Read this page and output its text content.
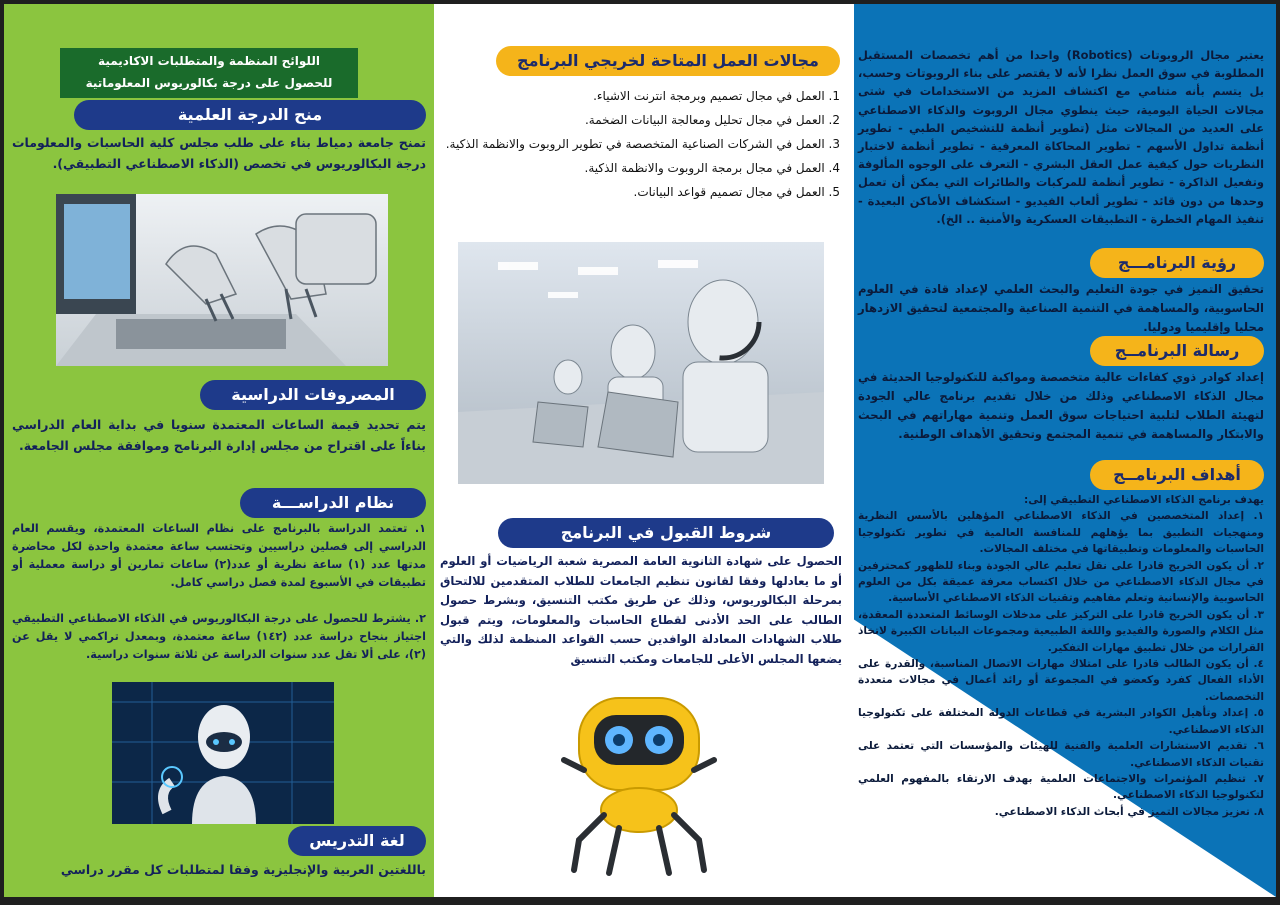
اللوائح المنظمة والمتطلبات الاكاديمية
للحصول على درجة بكالوريوس المعلوماتية
منح الدرجة العلمية
تمنح جامعة دمياط بناء على طلب مجلس كلية الحاسبات والمعلومات درجة البكالوريوس في تخصص (الذكاء الاصطناعي التطبيقي).
المصروفات الدراسية
يتم تحديد قيمة الساعات المعتمدة سنويا في بداية العام الدراسي بناءاً على اقتراح من مجلس إدارة البرنامج وموافقة مجلس الجامعة.
نظام الدراســـة
١. تعتمد الدراسة بالبرنامج على نظام الساعات المعتمدة، ويقسم العام الدراسي إلى فصلين دراسيين وتحتسب ساعة معتمدة واحدة لكل محاضرة مدتها عدد (١) ساعة نظرية أو عدد(٢) ساعات تمارين أو دراسة معملية أو تطبيقات في الأسبوع لمدة فصل دراسي كامل.
٢. يشترط للحصول على درجة البكالوريوس في الذكاء الاصطناعي التطبيقي اجتياز بنجاح دراسة عدد (١٤٢) ساعة معتمدة، وبمعدل تراكمي لا يقل عن (٢)، على ألا تقل عدد سنوات الدراسة عن ثلاثة سنوات دراسية.
لغة التدريس
باللغتين العربية والإنجليزية وفقا لمتطلبات كل مقرر دراسي
مجالات العمل المتاحة لخريجي البرنامج
1. العمل في مجال تصميم وبرمجة انترنت الاشياء.
2. العمل في مجال تحليل ومعالجة البيانات الضخمة.
3. العمل في الشركات الصناعية المتخصصة في تطوير الروبوت والانظمة الذكية.
4. العمل في مجال برمجة الروبوت والانظمة الذكية.
5. العمل في مجال تصميم قواعد البيانات.
شروط القبول في البرنامج
الحصول على شهادة الثانوية العامة المصرية شعبة الرياضيات أو العلوم أو ما يعادلها وفقا لقانون تنظيم الجامعات للطلاب المتقدمين للالتحاق بمرحلة البكالوريوس، وذلك عن طريق مكتب التنسيق، وبشرط حصول الطالب على الحد الأدنى لقطاع الحاسبات والمعلومات، ويتم قبول طلاب الشهادات المعادلة الوافدين حسب القواعد المنظمة لذلك والتي يضعها المجلس الأعلى للجامعات ومكتب التنسيق
يعتبر مجال الروبوتات (Robotics) واحدا من أهم تخصصات المستقبل المطلوبة في سوق العمل نظرا لأنه لا يقتصر على بناء الروبوتات وحسب، بل يتسم بأنه متنامي مع اكتشاف المزيد من الاستخدامات في شتى مجالات الحياة اليومية، حيث ينطوي مجال الروبوت والذكاء الاصطناعي على العديد من المجالات مثل (تطوير أنظمة للتشخيص الطبي - تطوير أنظمة تداول الأسهم - تطوير المحاكاة المعرفية - تطوير أنظمة لاختبار النظريات حول كيفية عمل العقل البشري - التعرف على الوجوه المألوفة وتفعيل الذاكرة - تطوير أنظمة للمركبات والطائرات التي يمكن أن تعمل وحدها من دون قائد - تطوير ألعاب الفيديو - استكشاف الأماكن البعيدة - تنفيذ المهام الخطرة - التطبيقات العسكرية والأمنية .. الخ).
رؤية البرنامـــج
تحقيق التميز في جودة التعليم والبحث العلمي لإعداد قادة في العلوم الحاسوبية، والمساهمة في التنمية الصناعية والمجتمعية لتحقيق الازدهار محليا وإقليميا ودوليا.
رسالة البرنامــج
إعداد كوادر ذوي كفاءات عالية متخصصة ومواكبة للتكنولوجيا الحديثة في مجال الذكاء الاصطناعي وذلك من خلال تقديم برنامج عالي الجودة لتهيئة الطلاب لتلبية احتياجات سوق العمل وتنمية مهاراتهم في البحث والابتكار والمساهمة في تنمية المجتمع وتحقيق الأهداف الوطنية.
أهداف البرنامــج
يهدف برنامج الذكاء الاصطناعي التطبيقي إلى:
١. إعداد المتخصصين في الذكاء الاصطناعي المؤهلين بالأسس النظرية ومنهجيات التطبيق بما يؤهلهم للمنافسة العالمية في تطوير تكنولوجيا الحاسبات والمعلومات وتطبيقاتها في مختلف المجالات.
٢. أن يكون الخريج قادرا على نقل تعليم عالي الجودة وبناء للظهور كمحترفين في مجال الذكاء الاصطناعي من خلال اكتساب معرفة عميقة بكل من العلوم الحاسوبية والإنسانية وتعلم مفاهيم وتقنيات الذكاء الاصطناعي الأساسية.
٣. أن يكون الخريج قادرا على التركيز على مدخلات الوسائط المتعددة المعقدة، مثل الكلام والصورة والفيديو واللغة الطبيعية ومجموعات البيانات الكبيرة لاتخاذ القرارات من خلال تطبيق مهارات التفكير.
٤. أن يكون الطالب قادرا على امتلاك مهارات الاتصال المناسبة، والقدرة على الأداء الفعال كفرد وكعضو في المجموعة أو رائد أعمال في مجالات متعددة التخصصات.
٥. إعداد وتأهيل الكوادر البشرية في قطاعات الدولة المختلفة على تكنولوجيا الذكاء الاصطناعي.
٦. تقديم الاستشارات العلمية والفنية للهيئات والمؤسسات التي تعتمد على تقنيات الذكاء الاصطناعي.
٧. تنظيم المؤتمرات والاجتماعات العلمية بهدف الارتقاء بالمفهوم العلمي لتكنولوجيا الذكاء الاصطناعي.
٨. تعزيز مجالات التميز في أبحاث الذكاء الاصطناعي.
